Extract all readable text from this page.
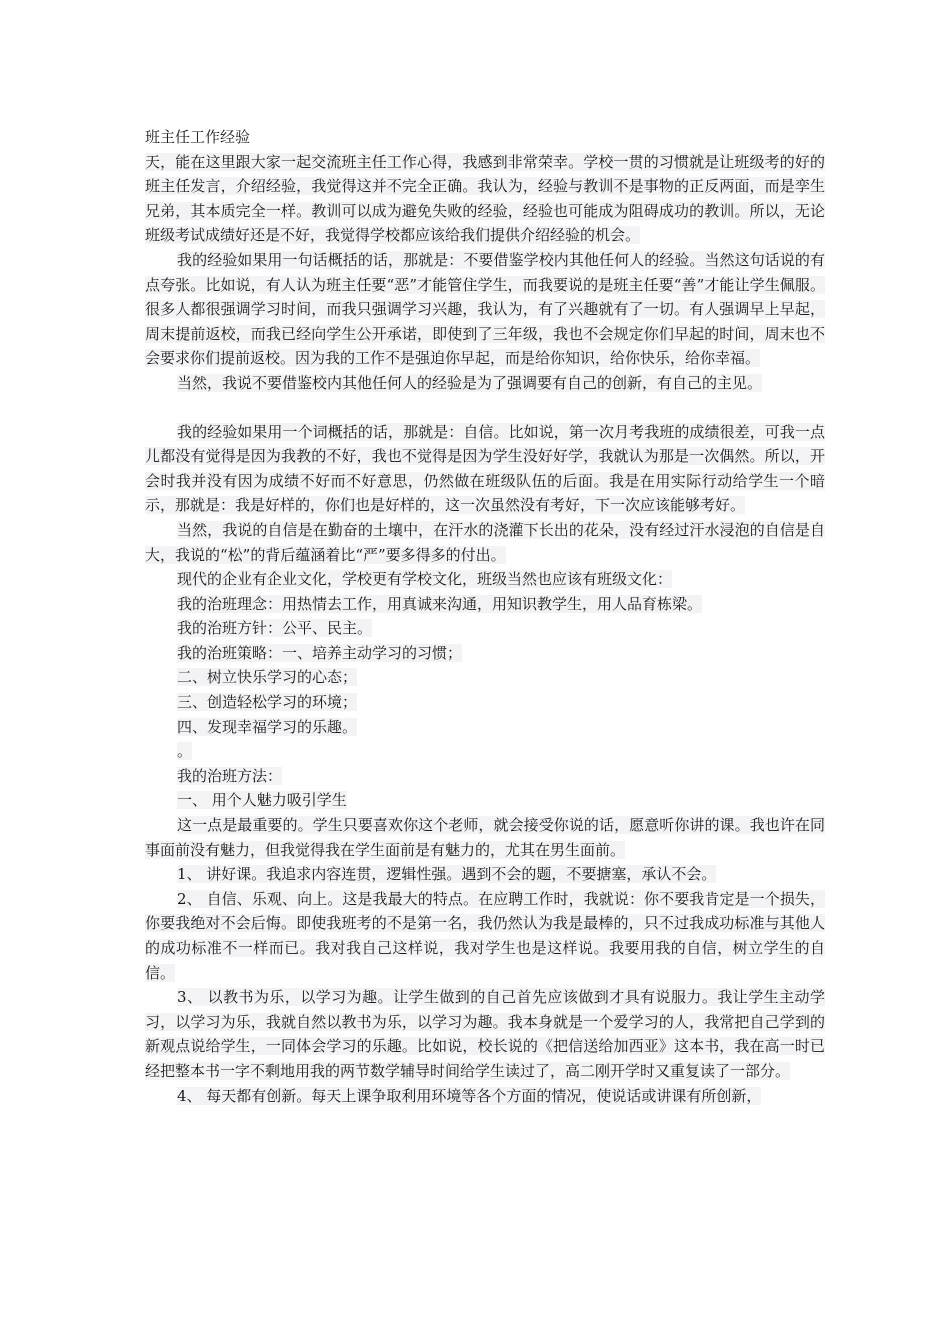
班主任工作经验

天，能在这里跟大家一起交流班主任工作心得，我感到非常荣幸。学校一贯的习惯就是让班级考的好的班主任发言，介绍经验，我觉得这并不完全正确。我认为，经验与教训不是事物的正反两面，而是孪生兄弟，其本质完全一样。教训可以成为避免失败的经验，经验也可能成为阻碍成功的教训。所以，无论班级考试成绩好还是不好，我觉得学校都应该给我们提供介绍经验的机会。

我的经验如果用一句话概括的话，那就是：不要借鉴学校内其他任何人的经验。当然这句话说的有点夸张。比如说，有人认为班主任要“恶”才能管住学生，而我要说的是班主任要“善”才能让学生佩服。很多人都很强调学习时间，而我只强调学习兴趣，我认为，有了兴趣就有了一切。有人强调早上早起，周末提前返校，而我已经向学生公开承诺，即使到了三年级，我也不会规定你们早起的时间，周末也不会要求你们提前返校。因为我的工作不是强迫你早起，而是给你知识，给你快乐，给你幸福。

当然，我说不要借鉴校内其他任何人的经验是为了强调要有自己的创新，有自己的主见。

我的经验如果用一个词概括的话，那就是：自信。比如说，第一次月考我班的成绩很差，可我一点儿都没有觉得是因为我教的不好，我也不觉得是因为学生没好好学，我就认为那是一次偶然。所以，开会时我并没有因为成绩不好而不好意思，仍然做在班级队伍的后面。我是在用实际行动给学生一个暗示，那就是：我是好样的，你们也是好样的，这一次虽然没有考好，下一次应该能够考好。

当然，我说的自信是在勤奋的土壤中，在汗水的浇灌下长出的花朵，没有经过汗水浸泡的自信是自大，我说的“松”的背后蕴涵着比“严”要多得多的付出。

现代的企业有企业文化，学校更有学校文化，班级当然也应该有班级文化：

我的治班理念：用热情去工作，用真诚来沟通，用知识教学生，用人品育栋梁。

我的治班方针：公平、民主。

我的治班策略：一、培养主动学习的习惯；

二、树立快乐学习的心态；

三、创造轻松学习的环境；

四、发现幸福学习的乐趣。

。

我的治班方法：

一、 用个人魅力吸引学生

这一点是最重要的。学生只要喜欢你这个老师，就会接受你说的话，愿意听你讲的课。我也许在同事面前没有魅力，但我觉得我在学生面前是有魅力的，尤其在男生面前。

1、 讲好课。我追求内容连贯，逻辑性强。遇到不会的题，不要搪塞，承认不会。

2、 自信、乐观、向上。这是我最大的特点。在应聘工作时，我就说：你不要我肯定是一个损失，你要我绝对不会后悔。即使我班考的不是第一名，我仍然认为我是最棒的，只不过我成功标准与其他人的成功标准不一样而已。我对我自己这样说，我对学生也是这样说。我要用我的自信，树立学生的自信。

3、 以教书为乐，以学习为趣。让学生做到的自己首先应该做到才具有说服力。我让学生主动学习，以学习为乐，我就自然以教书为乐，以学习为趣。我本身就是一个爱学习的人，我常把自己学到的新观点说给学生，一同体会学习的乐趣。比如说，校长说的《把信送给加西亚》这本书，我在高一时已经把整本书一字不剩地用我的两节数学辅导时间给学生读过了，高二刚开学时又重复读了一部分。

4、 每天都有创新。每天上课争取利用环境等各个方面的情况，使说话或讲课有所创新，
